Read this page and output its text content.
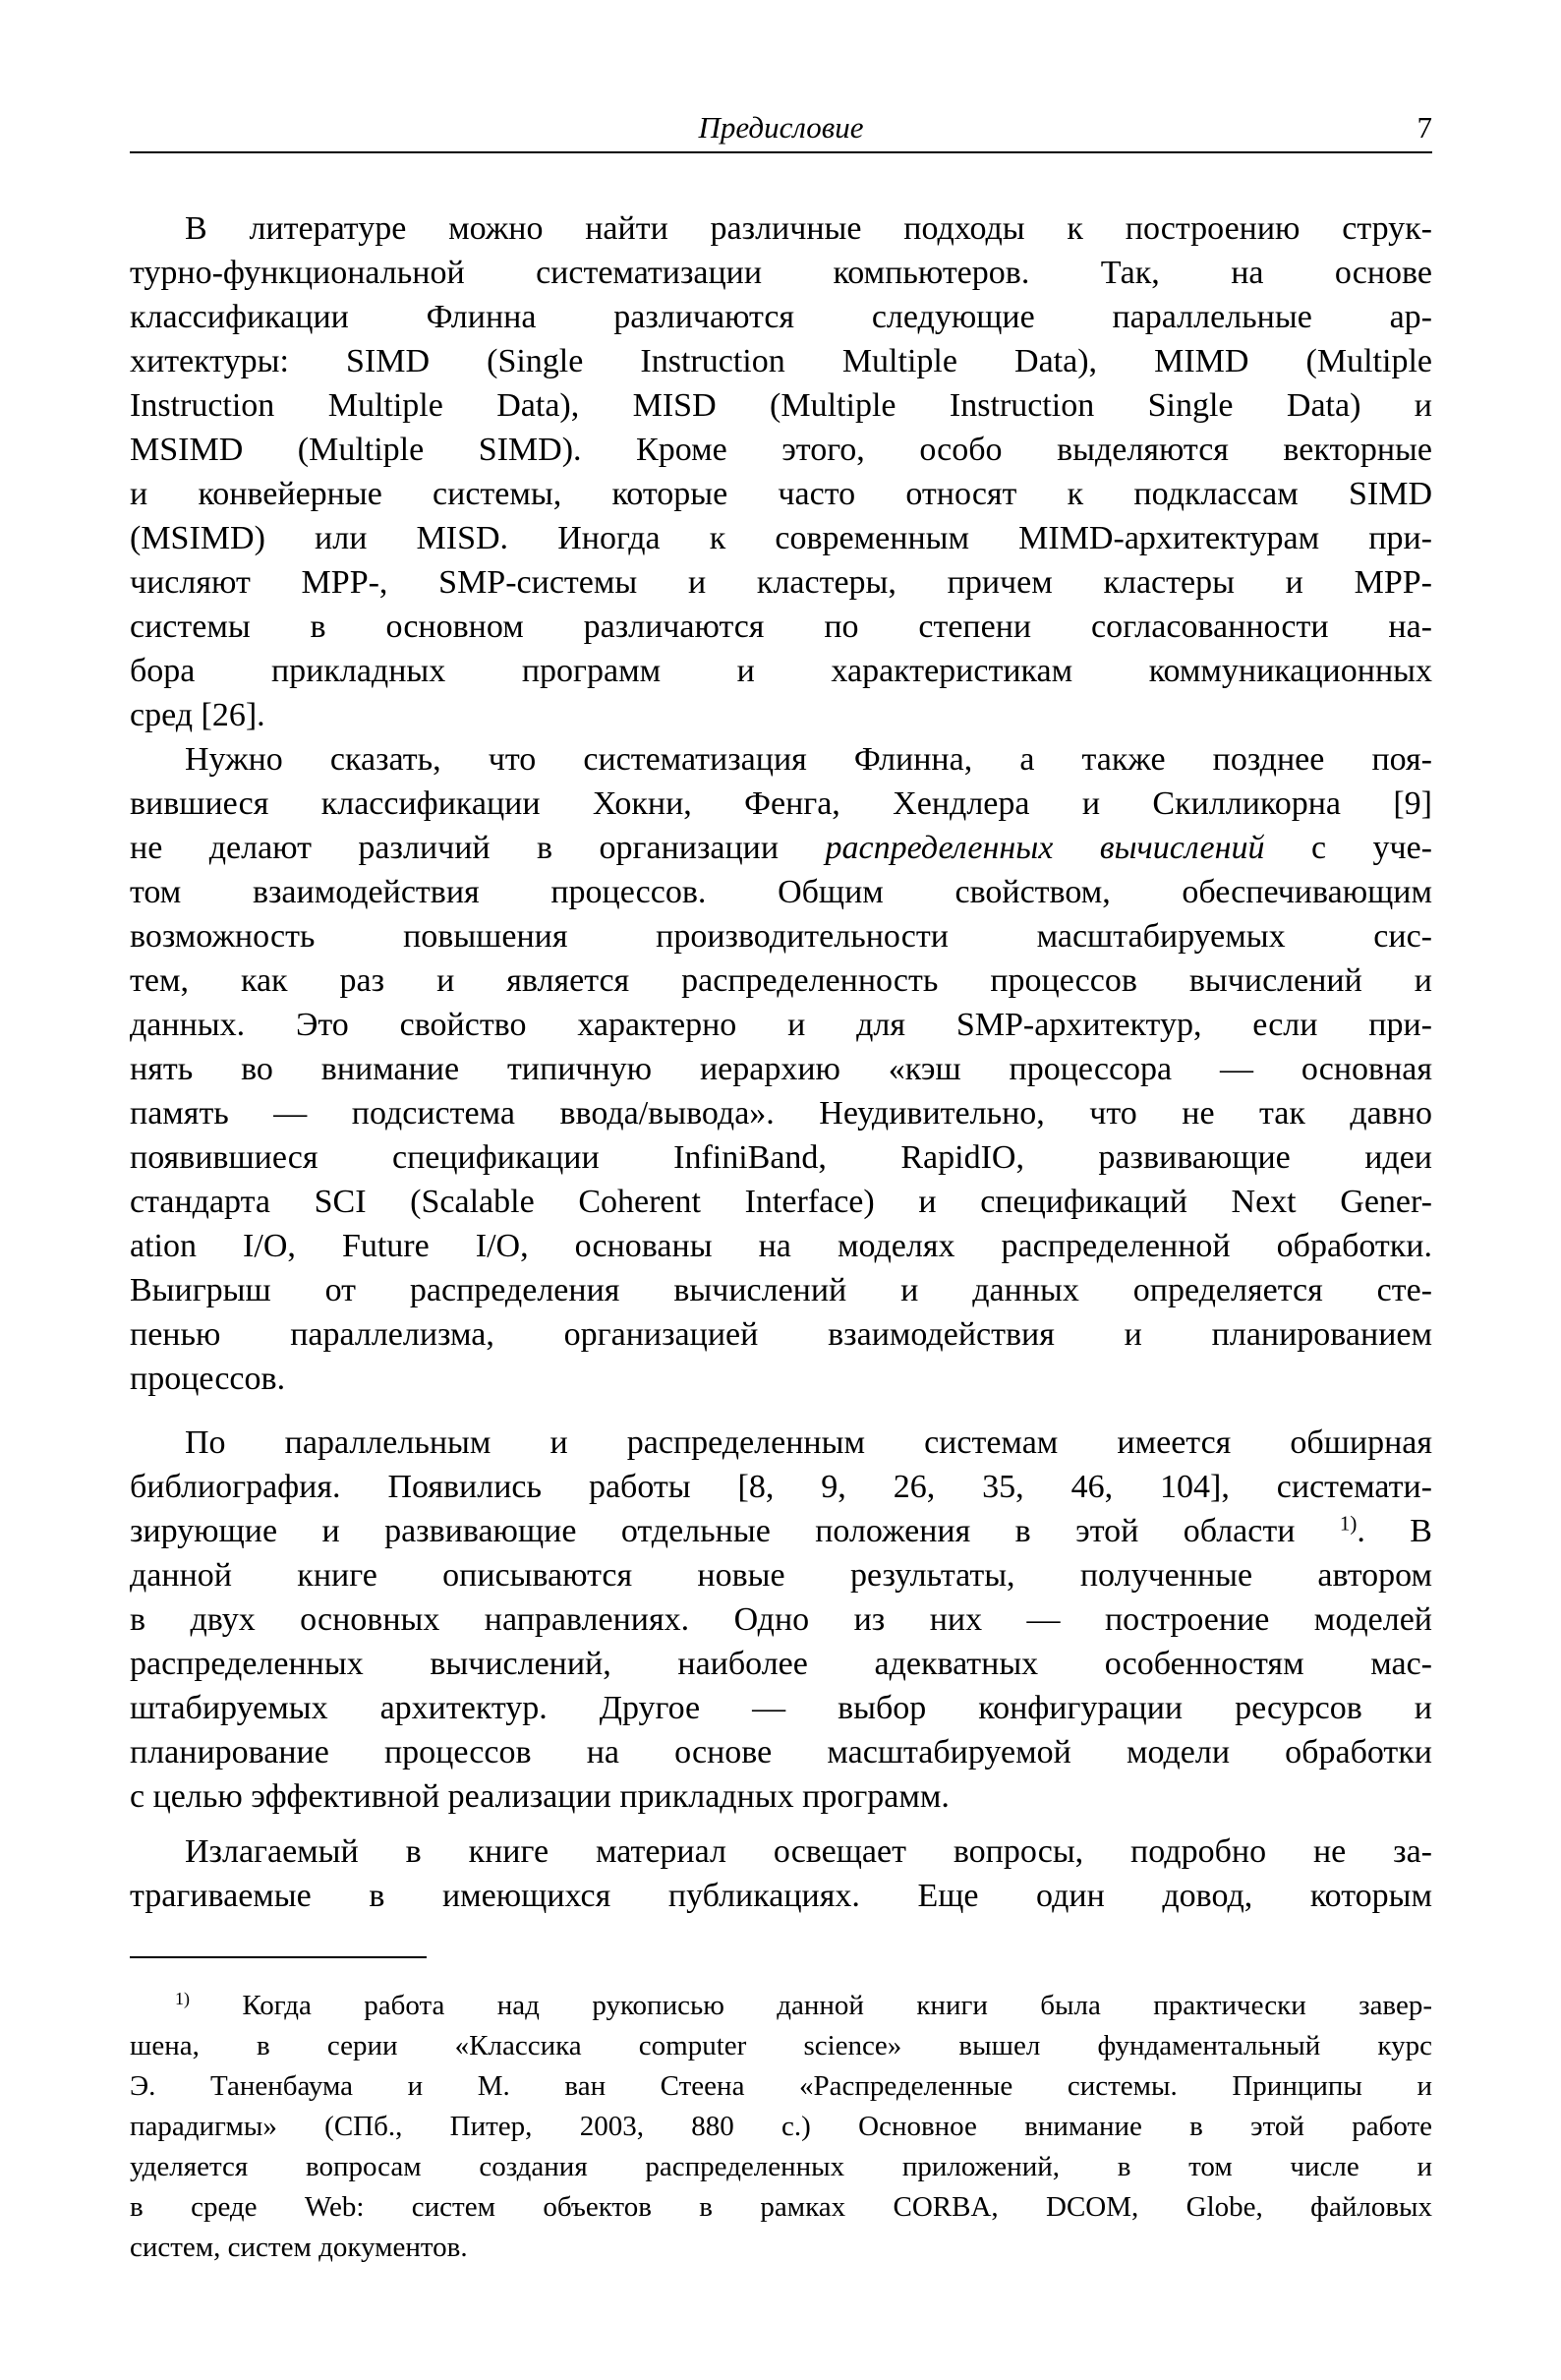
Предисловие	7
В литературе можно найти различные подходы к построению струк-
турно-функциональной систематизации компьютеров. Так, на основе
классификации Флинна различаются следующие параллельные ар-
хитектуры: SIMD (Single Instruction Multiple Data), MIMD (Multiple
Instruction Multiple Data), MISD (Multiple Instruction Single Data) и
MSIMD (Multiple SIMD). Кроме этого, особо выделяются векторные
и конвейерные системы, которые часто относят к подклассам SIMD
(MSIMD) или MISD. Иногда к современным MIMD-архитектурам при-
числяют MPP-, SMP-системы и кластеры, причем кластеры и MPP-
системы в основном различаются по степени согласованности на-
бора прикладных программ и характеристикам коммуникационных
сред [26].
Нужно сказать, что систематизация Флинна, а также позднее поя-
вившиеся классификации Хокни, Фенга, Хендлера и Скилликорна [9]
не делают различий в организации распределенных вычислений с уче-
том взаимодействия процессов. Общим свойством, обеспечивающим
возможность повышения производительности масштабируемых сис-
тем, как раз и является распределенность процессов вычислений и
данных. Это свойство характерно и для SMP-архитектур, если при-
нять во внимание типичную иерархию «кэш процессора — основная
память — подсистема ввода/вывода». Неудивительно, что не так давно
появившиеся спецификации InfiniBand, RapidIO, развивающие идеи
стандарта SCI (Scalable Coherent Interface) и спецификаций Next Gener-
ation I/O, Future I/O, основаны на моделях распределенной обработки.
Выигрыш от распределения вычислений и данных определяется сте-
пенью параллелизма, организацией взаимодействия и планированием
процессов.
По параллельным и распределенным системам имеется обширная
библиография. Появились работы [8, 9, 26, 35, 46, 104], системати-
зирующие и развивающие отдельные положения в этой области $^{1)}$. В
данной книге описываются новые результаты, полученные автором
в двух основных направлениях. Одно из них — построение моделей
распределенных вычислений, наиболее адекватных особенностям мас-
штабируемых архитектур. Другое — выбор конфигурации ресурсов и
планирование процессов на основе масштабируемой модели обработки
с целью эффективной реализации прикладных программ.
Излагаемый в книге материал освещает вопросы, подробно не за-
трагиваемые в имеющихся публикациях. Еще один довод, которым
$^{1)}$ Когда работа над рукописью данной книги была практически завер-
шена, в серии «Классика computer science» вышел фундаментальный курс
Э. Таненбаума и М. ван Стеена «Распределенные системы. Принципы и
парадигмы» (СПб., Питер, 2003, 880 с.) Основное внимание в этой работе
уделяется вопросам создания распределенных приложений, в том числе и
в среде Web: систем объектов в рамках CORBA, DCOM, Globe, файловых
систем, систем документов.
